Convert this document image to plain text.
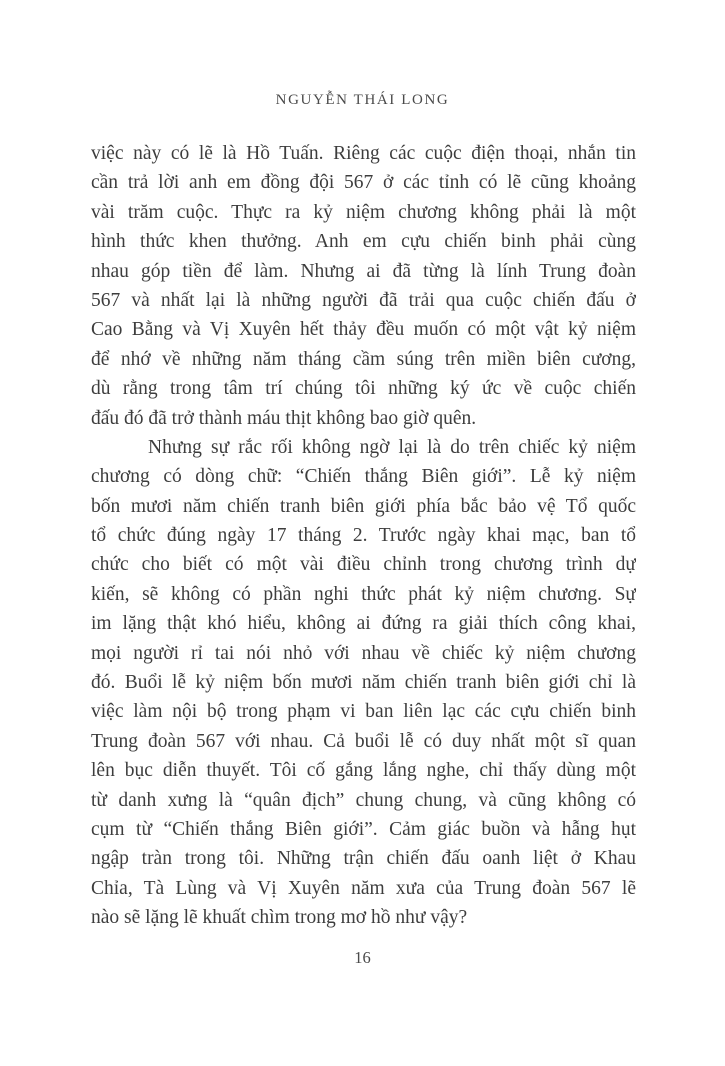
NGUYỄN THÁI LONG
việc này có lẽ là Hồ Tuấn. Riêng các cuộc điện thoại, nhắn tin
cần trả lời anh em đồng đội 567 ở các tỉnh có lẽ cũng khoảng
vài trăm cuộc. Thực ra kỷ niệm chương không phải là một
hình thức khen thưởng. Anh em cựu chiến binh phải cùng
nhau góp tiền để làm. Nhưng ai đã từng là lính Trung đoàn
567 và nhất lại là những người đã trải qua cuộc chiến đấu ở
Cao Bằng và Vị Xuyên hết thảy đều muốn có một vật kỷ niệm
để nhớ về những năm tháng cầm súng trên miền biên cương,
dù rằng trong tâm trí chúng tôi những ký ức về cuộc chiến
đấu đó đã trở thành máu thịt không bao giờ quên.
Nhưng sự rắc rối không ngờ lại là do trên chiếc kỷ niệm
chương có dòng chữ: “Chiến thắng Biên giới”. Lễ kỷ niệm
bốn mươi năm chiến tranh biên giới phía bắc bảo vệ Tổ quốc
tổ chức đúng ngày 17 tháng 2. Trước ngày khai mạc, ban tổ
chức cho biết có một vài điều chỉnh trong chương trình dự
kiến, sẽ không có phần nghi thức phát kỷ niệm chương. Sự
im lặng thật khó hiểu, không ai đứng ra giải thích công khai,
mọi người rỉ tai nói nhỏ với nhau về chiếc kỷ niệm chương
đó. Buổi lễ kỷ niệm bốn mươi năm chiến tranh biên giới chỉ là
việc làm nội bộ trong phạm vi ban liên lạc các cựu chiến binh
Trung đoàn 567 với nhau. Cả buổi lễ có duy nhất một sĩ quan
lên bục diễn thuyết. Tôi cố gắng lắng nghe, chỉ thấy dùng một
từ danh xưng là “quân địch” chung chung, và cũng không có
cụm từ “Chiến thắng Biên giới”. Cảm giác buồn và hẫng hụt
ngập tràn trong tôi. Những trận chiến đấu oanh liệt ở Khau
Chỉa, Tà Lùng và Vị Xuyên năm xưa của Trung đoàn 567 lẽ
nào sẽ lặng lẽ khuất chìm trong mơ hồ như vậy?
16
